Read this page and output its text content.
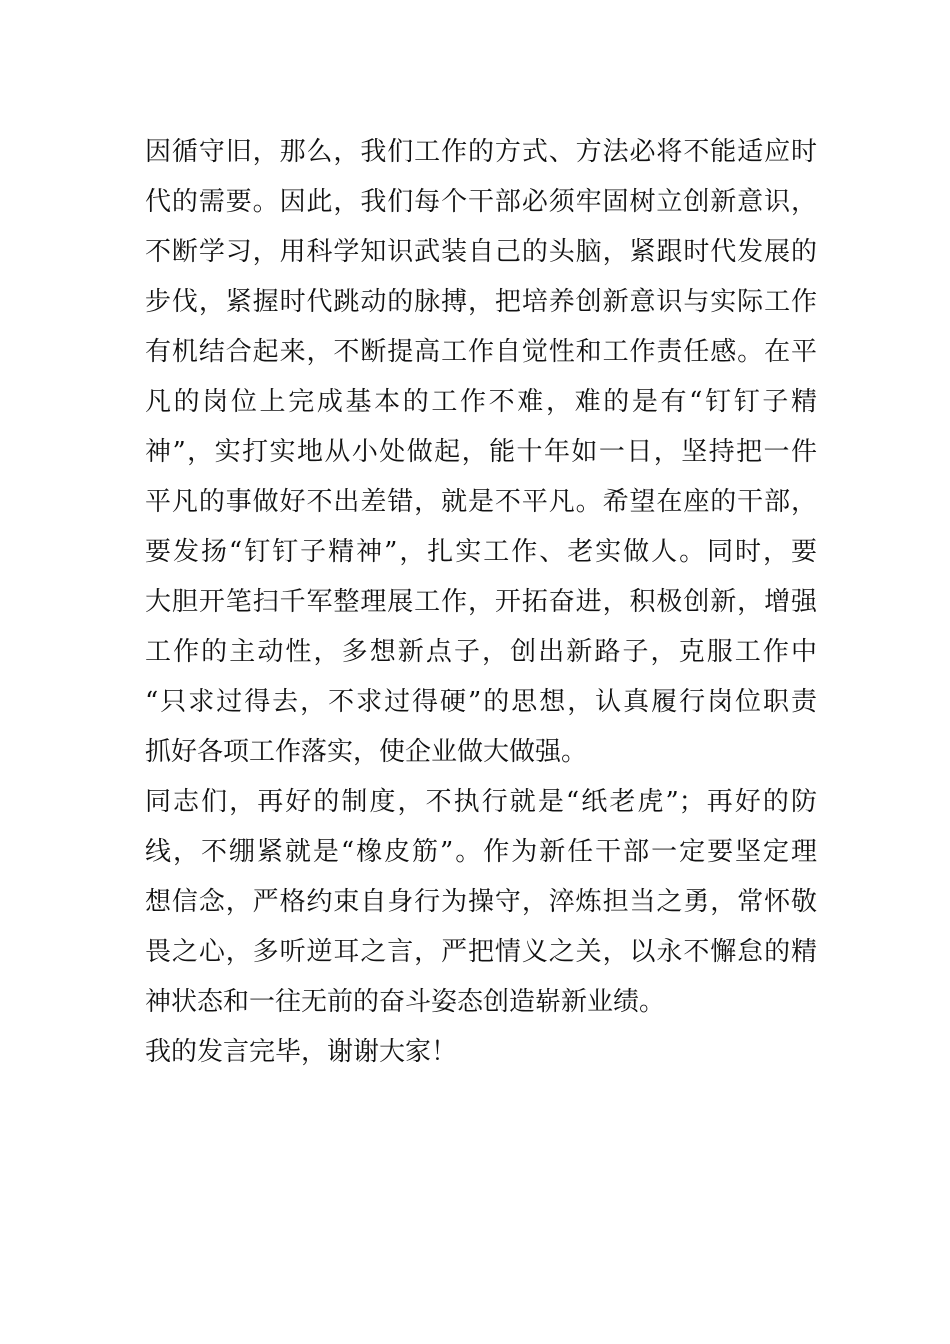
因循守旧，那么，我们工作的方式、方法必将不能适应时
代的需要。因此，我们每个干部必须牢固树立创新意识，
不断学习，用科学知识武装自己的头脑，紧跟时代发展的
步伐，紧握时代跳动的脉搏，把培养创新意识与实际工作
有机结合起来，不断提高工作自觉性和工作责任感。在平
凡的岗位上完成基本的工作不难，难的是有“钉钉子精
神”，实打实地从小处做起，能十年如一日，坚持把一件
平凡的事做好不出差错，就是不平凡。希望在座的干部，
要发扬“钉钉子精神”，扎实工作、老实做人。同时，要
大胆开笔扫千军整理展工作，开拓奋进，积极创新，增强
工作的主动性，多想新点子，创出新路子，克服工作中
“只求过得去，不求过得硬”的思想，认真履行岗位职责
抓好各项工作落实，使企业做大做强。
同志们，再好的制度，不执行就是“纸老虎”；再好的防
线，不绷紧就是“橡皮筋”。作为新任干部一定要坚定理
想信念，严格约束自身行为操守，淬炼担当之勇，常怀敬
畏之心，多听逆耳之言，严把情义之关，以永不懈怠的精
神状态和一往无前的奋斗姿态创造崭新业绩。
我的发言完毕，谢谢大家！
